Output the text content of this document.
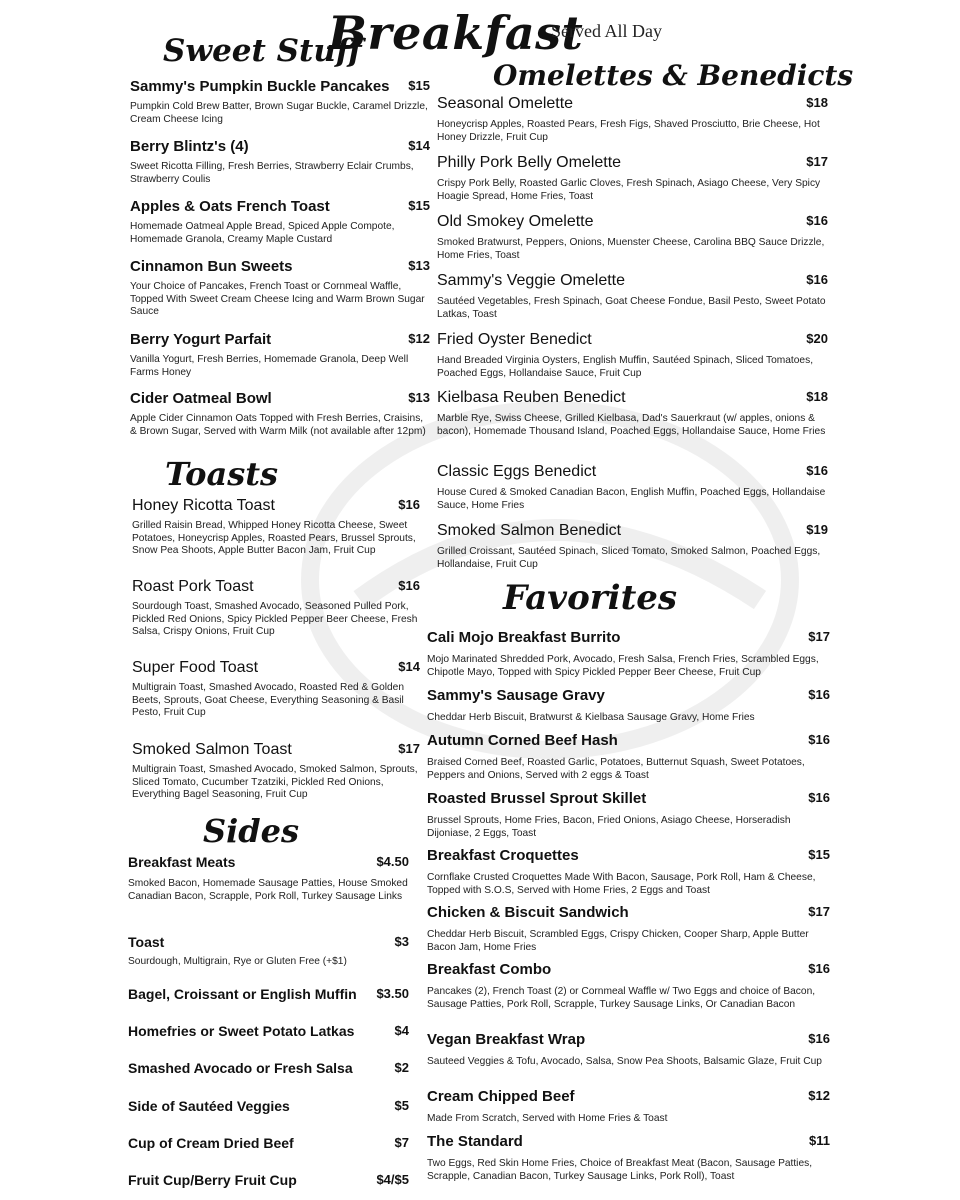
Breakfast
Served All Day
Sweet Stuff
Omelettes & Benedicts
Toasts
Favorites
Sides
Sammy's Pumpkin Buckle Pancakes	$15
Pumpkin Cold Brew Batter, Brown Sugar Buckle, Caramel Drizzle, Cream Cheese Icing
Berry Blintz's (4)	$14
Sweet Ricotta Filling, Fresh Berries, Strawberry Eclair Crumbs, Strawberry Coulis
Apples & Oats French Toast	$15
Homemade Oatmeal Apple Bread, Spiced Apple Compote, Homemade Granola, Creamy Maple Custard
Cinnamon Bun Sweets	$13
Your Choice of Pancakes, French Toast or Cornmeal Waffle, Topped With Sweet Cream Cheese Icing and Warm Brown Sugar Sauce
Berry Yogurt Parfait	$12
Vanilla Yogurt, Fresh Berries, Homemade Granola, Deep Well Farms Honey
Cider Oatmeal Bowl	$13
Apple Cider Cinnamon Oats Topped with Fresh Berries, Craisins, & Brown Sugar, Served with Warm Milk (not available after 12pm)
Honey Ricotta Toast	$16
Grilled Raisin Bread, Whipped Honey Ricotta Cheese, Sweet Potatoes, Honeycrisp Apples, Roasted Pears, Brussel Sprouts, Snow Pea Shoots, Apple Butter Bacon Jam, Fruit Cup
Roast Pork Toast	$16
Sourdough Toast, Smashed Avocado, Seasoned Pulled Pork, Pickled Red Onions, Spicy Pickled Pepper Beer Cheese, Fresh Salsa, Crispy Onions, Fruit Cup
Super Food Toast	$14
Multigrain Toast, Smashed Avocado, Roasted Red & Golden Beets, Sprouts, Goat Cheese, Everything Seasoning & Basil Pesto, Fruit Cup
Smoked Salmon Toast	$17
Multigrain Toast, Smashed Avocado, Smoked Salmon, Sprouts, Sliced Tomato, Cucumber Tzatziki, Pickled Red Onions, Everything Bagel Seasoning, Fruit Cup
Breakfast Meats	$4.50
Smoked Bacon, Homemade Sausage Patties, House Smoked Canadian Bacon, Scrapple, Pork Roll, Turkey Sausage Links
Toast	$3
Sourdough, Multigrain, Rye or Gluten Free (+$1)
Bagel, Croissant or English Muffin	$3.50
Homefries or Sweet Potato Latkas	$4
Smashed Avocado or Fresh Salsa	$2
Side of Sautéed Veggies	$5
Cup of Cream Dried Beef	$7
Fruit Cup/Berry Fruit Cup	$4/$5
Seasonal Omelette	$18
Honeycrisp Apples, Roasted Pears, Fresh Figs, Shaved Prosciutto, Brie Cheese, Hot Honey Drizzle, Fruit Cup
Philly Pork Belly Omelette	$17
Crispy Pork Belly, Roasted Garlic Cloves, Fresh Spinach, Asiago Cheese, Very Spicy Hoagie Spread, Home Fries, Toast
Old Smokey Omelette	$16
Smoked Bratwurst, Peppers, Onions, Muenster Cheese, Carolina BBQ Sauce Drizzle, Home Fries, Toast
Sammy's Veggie Omelette	$16
Sautéed Vegetables, Fresh Spinach, Goat Cheese Fondue, Basil Pesto, Sweet Potato Latkas, Toast
Fried Oyster Benedict	$20
Hand Breaded Virginia Oysters, English Muffin, Sautéed Spinach, Sliced Tomatoes, Poached Eggs, Hollandaise Sauce, Fruit Cup
Kielbasa Reuben Benedict	$18
Marble Rye, Swiss Cheese, Grilled Kielbasa, Dad's Sauerkraut (w/ apples, onions & bacon), Homemade Thousand Island, Poached Eggs, Hollandaise Sauce, Home Fries
Classic Eggs Benedict	$16
House Cured & Smoked Canadian Bacon, English Muffin, Poached Eggs, Hollandaise Sauce, Home Fries
Smoked Salmon Benedict	$19
Grilled Croissant, Sautéed Spinach, Sliced Tomato, Smoked Salmon, Poached Eggs, Hollandaise, Fruit Cup
Cali Mojo Breakfast Burrito	$17
Mojo Marinated Shredded Pork, Avocado, Fresh Salsa, French Fries, Scrambled Eggs, Chipotle Mayo, Topped with Spicy Pickled Pepper Beer Cheese, Fruit Cup
Sammy's Sausage Gravy	$16
Cheddar Herb Biscuit, Bratwurst & Kielbasa Sausage Gravy, Home Fries
Autumn Corned Beef Hash	$16
Braised Corned Beef, Roasted Garlic, Potatoes, Butternut Squash, Sweet Potatoes, Peppers and Onions, Served with 2 eggs & Toast
Roasted Brussel Sprout Skillet	$16
Brussel Sprouts, Home Fries, Bacon, Fried Onions, Asiago Cheese, Horseradish Dijoniase, 2 Eggs, Toast
Breakfast Croquettes	$15
Cornflake Crusted Croquettes Made With Bacon, Sausage, Pork Roll, Ham & Cheese, Topped with S.O.S, Served with Home Fries, 2 Eggs and Toast
Chicken & Biscuit Sandwich	$17
Cheddar Herb Biscuit, Scrambled Eggs, Crispy Chicken, Cooper Sharp, Apple Butter Bacon Jam, Home Fries
Breakfast Combo	$16
Pancakes (2), French Toast (2) or Cornmeal Waffle w/ Two Eggs and choice of Bacon, Sausage Patties, Pork Roll, Scrapple, Turkey Sausage Links, Or Canadian Bacon
Vegan Breakfast Wrap	$16
Sauteed Veggies & Tofu, Avocado, Salsa, Snow Pea Shoots, Balsamic Glaze, Fruit Cup
Cream Chipped Beef	$12
Made From Scratch, Served with Home Fries & Toast
The Standard	$11
Two Eggs, Red Skin Home Fries, Choice of Breakfast Meat (Bacon, Sausage Patties, Scrapple, Canadian Bacon, Turkey Sausage Links, Pork Roll), Toast
